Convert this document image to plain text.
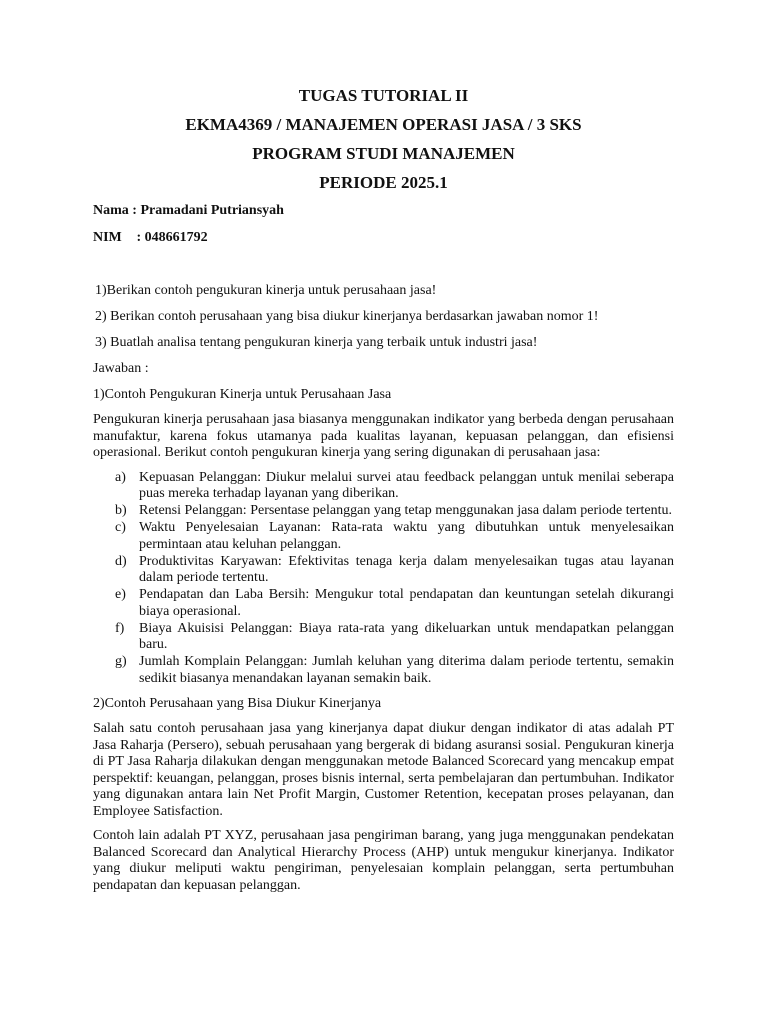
TUGAS TUTORIAL II
EKMA4369 / MANAJEMEN OPERASI JASA / 3 SKS
PROGRAM STUDI MANAJEMEN
PERIODE 2025.1
Nama : Pramadani Putriansyah
NIM : 048661792
1)Berikan contoh pengukuran kinerja untuk perusahaan jasa!
2) Berikan contoh perusahaan yang bisa diukur kinerjanya berdasarkan jawaban nomor 1!
3) Buatlah analisa tentang pengukuran kinerja yang terbaik untuk industri jasa!
Jawaban :
1)Contoh Pengukuran Kinerja untuk Perusahaan Jasa
Pengukuran kinerja perusahaan jasa biasanya menggunakan indikator yang berbeda dengan perusahaan manufaktur, karena fokus utamanya pada kualitas layanan, kepuasan pelanggan, dan efisiensi operasional. Berikut contoh pengukuran kinerja yang sering digunakan di perusahaan jasa:
a) Kepuasan Pelanggan: Diukur melalui survei atau feedback pelanggan untuk menilai seberapa puas mereka terhadap layanan yang diberikan.
b) Retensi Pelanggan: Persentase pelanggan yang tetap menggunakan jasa dalam periode tertentu.
c) Waktu Penyelesaian Layanan: Rata-rata waktu yang dibutuhkan untuk menyelesaikan permintaan atau keluhan pelanggan.
d) Produktivitas Karyawan: Efektivitas tenaga kerja dalam menyelesaikan tugas atau layanan dalam periode tertentu.
e) Pendapatan dan Laba Bersih: Mengukur total pendapatan dan keuntungan setelah dikurangi biaya operasional.
f)	Biaya Akuisisi Pelanggan: Biaya rata-rata yang dikeluarkan untuk mendapatkan pelanggan baru.
g) Jumlah Komplain Pelanggan: Jumlah keluhan yang diterima dalam periode tertentu, semakin sedikit biasanya menandakan layanan semakin baik.
2)Contoh Perusahaan yang Bisa Diukur Kinerjanya
Salah satu contoh perusahaan jasa yang kinerjanya dapat diukur dengan indikator di atas adalah PT Jasa Raharja (Persero), sebuah perusahaan yang bergerak di bidang asuransi sosial. Pengukuran kinerja di PT Jasa Raharja dilakukan dengan menggunakan metode Balanced Scorecard yang mencakup empat perspektif: keuangan, pelanggan, proses bisnis internal, serta pembelajaran dan pertumbuhan. Indikator yang digunakan antara lain Net Profit Margin, Customer Retention, kecepatan proses pelayanan, dan Employee Satisfaction.
Contoh lain adalah PT XYZ, perusahaan jasa pengiriman barang, yang juga menggunakan pendekatan Balanced Scorecard dan Analytical Hierarchy Process (AHP) untuk mengukur kinerjanya. Indikator yang diukur meliputi waktu pengiriman, penyelesaian komplain pelanggan, serta pertumbuhan pendapatan dan kepuasan pelanggan.
